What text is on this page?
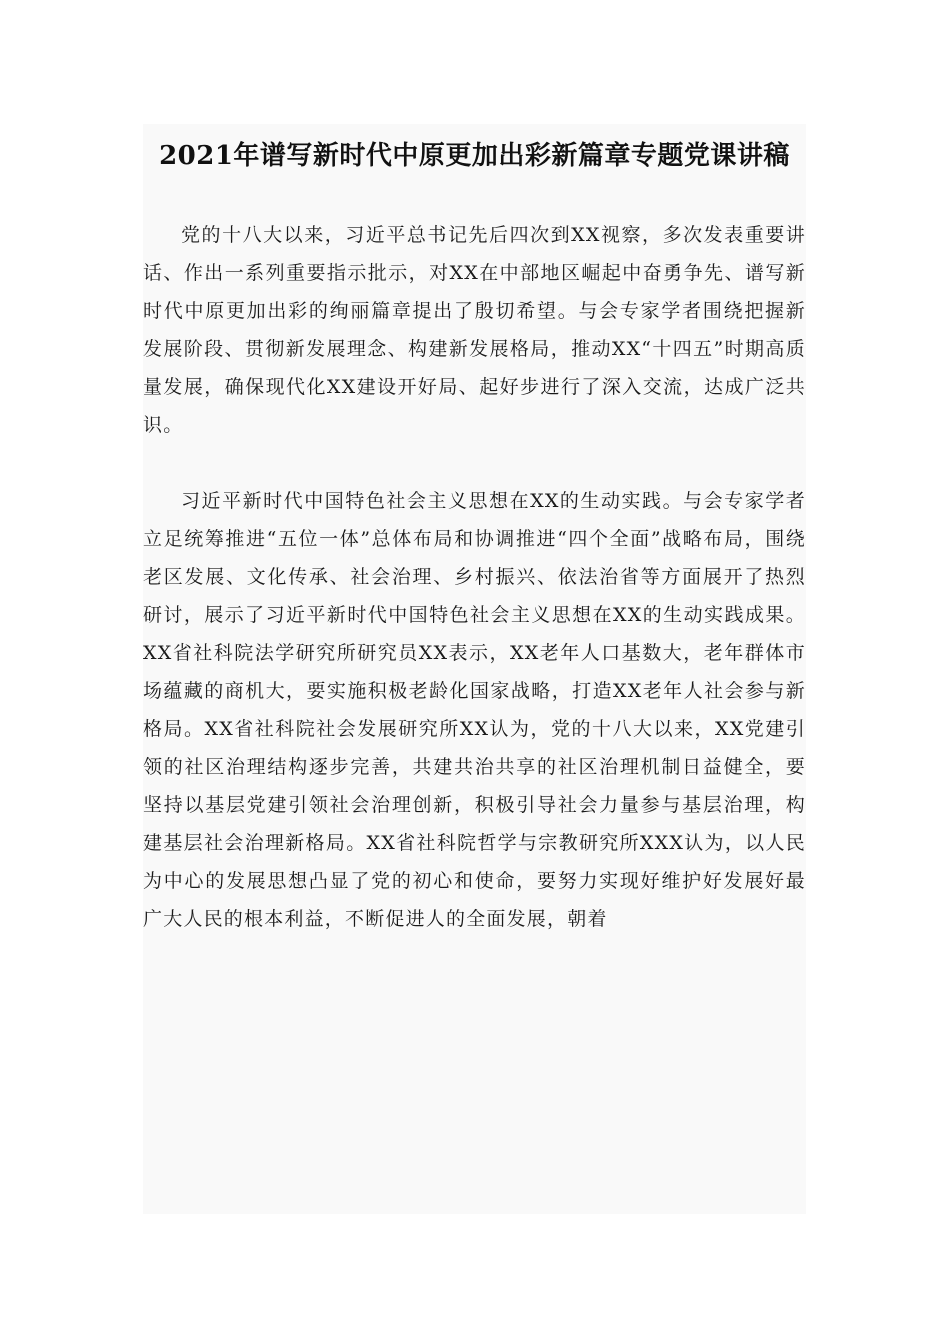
2021年谱写新时代中原更加出彩新篇章专题党课讲稿

党的十八大以来，习近平总书记先后四次到XX视察，多次发表重要讲话、作出一系列重要指示批示，对XX在中部地区崛起中奋勇争先、谱写新时代中原更加出彩的绚丽篇章提出了殷切希望。与会专家学者围绕把握新发展阶段、贯彻新发展理念、构建新发展格局，推动XX“十四五”时期高质量发展，确保现代化XX建设开好局、起好步进行了深入交流，达成广泛共识。

习近平新时代中国特色社会主义思想在XX的生动实践。与会专家学者立足统筹推进“五位一体”总体布局和协调推进“四个全面”战略布局，围绕老区发展、文化传承、社会治理、乡村振兴、依法治省等方面展开了热烈研讨，展示了习近平新时代中国特色社会主义思想在XX的生动实践成果。XX省社科院法学研究所研究员XX表示，XX老年人口基数大，老年群体市场蕴藏的商机大，要实施积极老龄化国家战略，打造XX老年人社会参与新格局。XX省社科院社会发展研究所XX认为，党的十八大以来，XX党建引领的社区治理结构逐步完善，共建共治共享的社区治理机制日益健全，要坚持以基层党建引领社会治理创新，积极引导社会力量参与基层治理，构建基层社会治理新格局。XX省社科院哲学与宗教研究所XXX认为，以人民为中心的发展思想凸显了党的初心和使命，要努力实现好维护好发展好最广大人民的根本利益，不断促进人的全面发展，朝着
